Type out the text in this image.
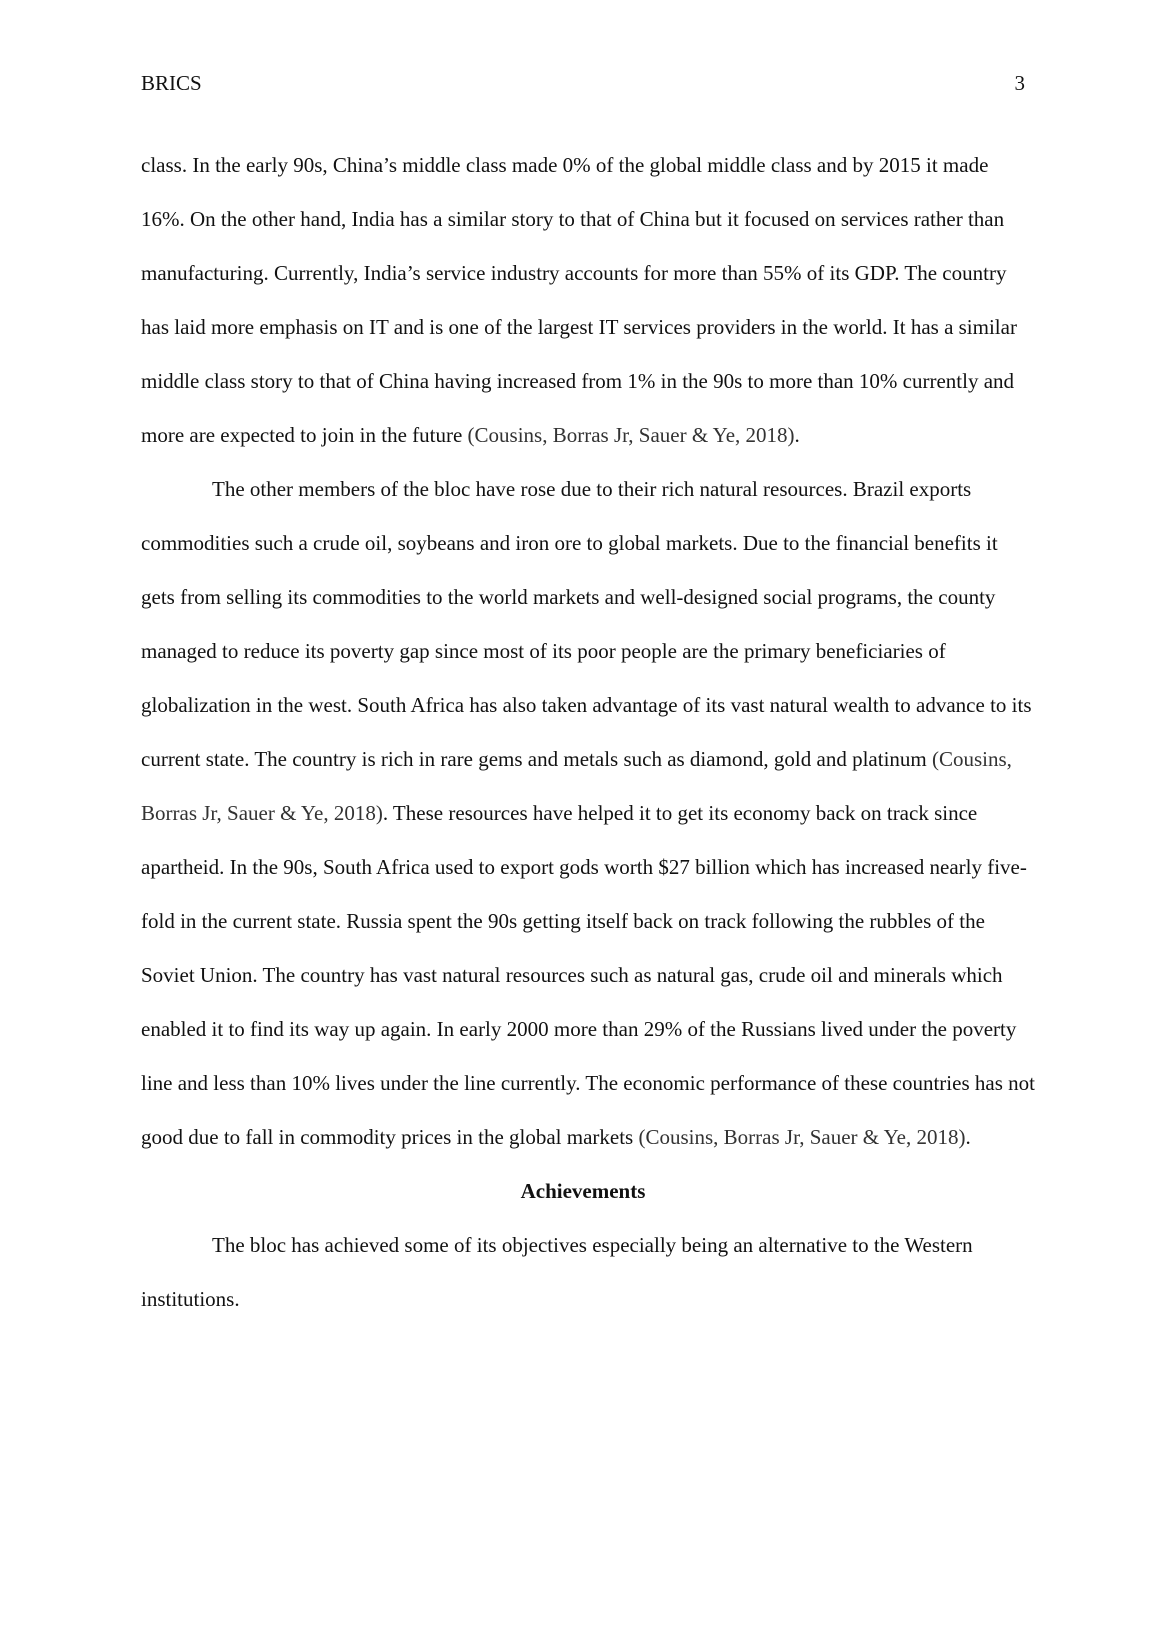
BRICS	3

class. In the early 90s, China’s middle class made 0% of the global middle class and by 2015 it made 16%. On the other hand, India has a similar story to that of China but it focused on services rather than manufacturing. Currently, India’s service industry accounts for more than 55% of its GDP. The country has laid more emphasis on IT and is one of the largest IT services providers in the world. It has a similar middle class story to that of China having increased from 1% in the 90s to more than 10% currently and more are expected to join in the future (Cousins, Borras Jr, Sauer & Ye, 2018).

The other members of the bloc have rose due to their rich natural resources. Brazil exports commodities such a crude oil, soybeans and iron ore to global markets. Due to the financial benefits it gets from selling its commodities to the world markets and well-designed social programs, the county managed to reduce its poverty gap since most of its poor people are the primary beneficiaries of globalization in the west. South Africa has also taken advantage of its vast natural wealth to advance to its current state. The country is rich in rare gems and metals such as diamond, gold and platinum (Cousins, Borras Jr, Sauer & Ye, 2018). These resources have helped it to get its economy back on track since apartheid. In the 90s, South Africa used to export gods worth $27 billion which has increased nearly five-fold in the current state. Russia spent the 90s getting itself back on track following the rubbles of the Soviet Union. The country has vast natural resources such as natural gas, crude oil and minerals which enabled it to find its way up again. In early 2000 more than 29% of the Russians lived under the poverty line and less than 10% lives under the line currently. The economic performance of these countries has not good due to fall in commodity prices in the global markets (Cousins, Borras Jr, Sauer & Ye, 2018).

Achievements

The bloc has achieved some of its objectives especially being an alternative to the Western institutions.
